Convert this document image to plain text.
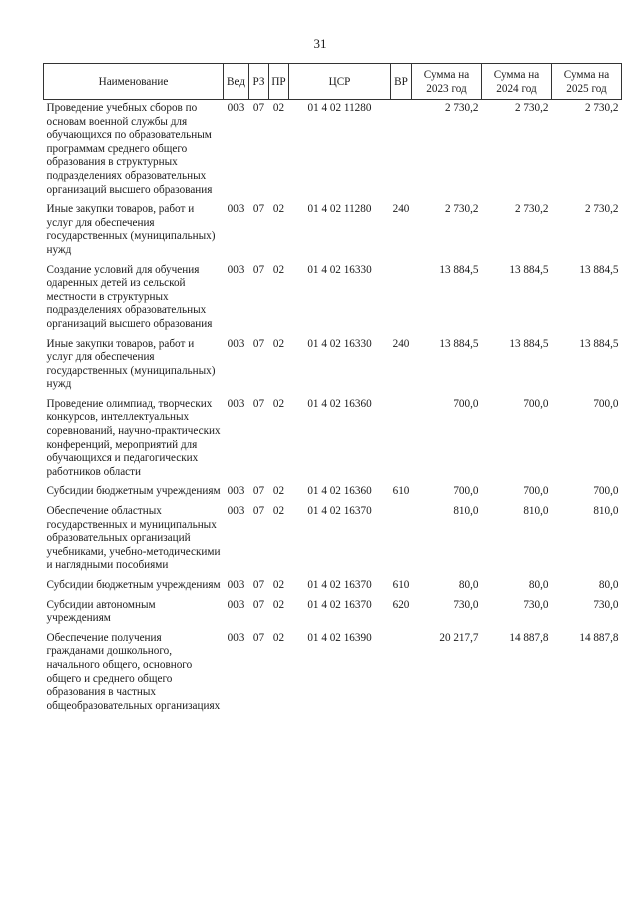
31
Наименование	Вед	РЗ	ПР	ЦСР	ВР	Сумма на 2023 год	Сумма на 2024 год	Сумма на 2025 год
Проведение учебных сборов по основам военной службы для обучающихся по образовательным программам среднего общего образования в структурных подразделениях образовательных организаций высшего образования	003	07	02	01 4 02 11280		2 730,2	2 730,2	2 730,2
Иные закупки товаров, работ и услуг для обеспечения государственных (муниципальных) нужд	003	07	02	01 4 02 11280	240	2 730,2	2 730,2	2 730,2
Создание условий для обучения одаренных детей из сельской местности в структурных подразделениях образовательных организаций высшего образования	003	07	02	01 4 02 16330		13 884,5	13 884,5	13 884,5
Иные закупки товаров, работ и услуг для обеспечения государственных (муниципальных) нужд	003	07	02	01 4 02 16330	240	13 884,5	13 884,5	13 884,5
Проведение олимпиад, творческих конкурсов, интеллектуальных соревнований, научно-практических конференций, мероприятий для обучающихся и педагогических работников области	003	07	02	01 4 02 16360		700,0	700,0	700,0
Субсидии бюджетным учреждениям	003	07	02	01 4 02 16360	610	700,0	700,0	700,0
Обеспечение областных государственных и муниципальных образовательных организаций учебниками, учебно-методическими и наглядными пособиями	003	07	02	01 4 02 16370		810,0	810,0	810,0
Субсидии бюджетным учреждениям	003	07	02	01 4 02 16370	610	80,0	80,0	80,0
Субсидии автономным учреждениям	003	07	02	01 4 02 16370	620	730,0	730,0	730,0
Обеспечение получения гражданами дошкольного, начального общего, основного общего и среднего общего образования в частных общеобразовательных организациях	003	07	02	01 4 02 16390		20 217,7	14 887,8	14 887,8
